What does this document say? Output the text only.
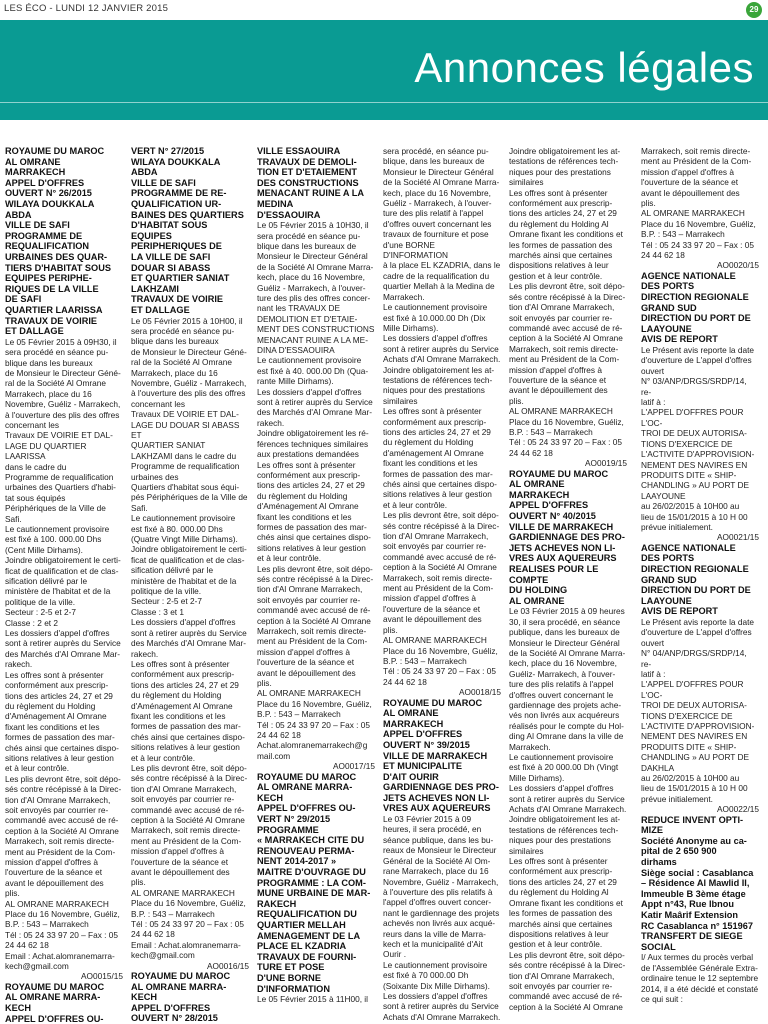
LES ÉCO - LUNDI 12 JANVIER 2015	29
Annonces légales

ROYAUME DU MAROC
AL OMRANE
MARRAKECH
APPEL D'OFFRES
OUVERT N° 26/2015
WILAYA DOUKKALA
ABDA
VILLE DE SAFI
PROGRAMME DE
REQUALIFICATION
URBAINES DES QUAR-
TIERS D'HABITAT SOUS
EQUIPES PERIPHE-
RIQUES DE LA VILLE
DE SAFI
QUARTIER LAARISSA
TRAVAUX DE VOIRIE
ET DALLAGE

Le 05 Février 2015 à 09H30, il
sera procédé en séance pu-
blique dans les bureaux
de Monsieur le Directeur Géné-
ral de la Société Al Omrane
Marrakech, place du 16
Novembre, Guéliz - Marrakech,
à l'ouverture des plis des offres
concernant les
Travaux DE VOIRIE ET DAL-
LAGE DU QUARTIER LAARISSA
dans le cadre du
Programme de requalification
urbaines des Quartiers d'habi-
tat sous équipés
Périphériques de la Ville de
Safi.
Le cautionnement provisoire
est fixé à 100. 000.00 Dhs
(Cent Mille Dirhams).
Joindre obligatoirement le certi-
ficat de qualification et de clas-
sification délivré par le
ministère de l'habitat et de la
politique de la ville.
Secteur : 2-5 et 2-7
Classe : 2 et 2
Les dossiers d'appel d'offres
sont à retirer auprès du Service
des Marchés d'Al Omrane Mar-
rakech.
Les offres sont à présenter
conformément aux prescrip-
tions des articles 24, 27 et 29
du règlement du Holding
d'Aménagement Al Omrane
fixant les conditions et les
formes de passation des mar-
chés ainsi que certaines dispo-
sitions relatives à leur gestion
et à leur contrôle.
Les plis devront être, soit dépo-
sés contre récépissé à la Direc-
tion d'Al Omrane Marrakech,
soit envoyés par courrier re-
commandé avec accusé de ré-
ception à la Société Al Omrane
Marrakech, soit remis directe-
ment au Président de la Com-
mission d'appel d'offres à
l'ouverture de la séance et
avant le dépouillement des
plis.
AL OMRANE MARRAKECH
Place du 16 Novembre, Guéliz,
B.P. : 543 – Marrakech
Tél : 05 24 33 97 20 – Fax : 05
24 44 62 18
Email : Achat.alomranemarra-
kech@gmail.com

AO0015/15

ROYAUME DU MAROC
AL OMRANE MARRA-
KECH
APPEL D'OFFRES OU-

VERT N° 27/2015
WILAYA DOUKKALA
ABDA
VILLE DE SAFI
PROGRAMME DE RE-
QUALIFICATION UR-
BAINES DES QUARTIERS
D'HABITAT SOUS
EQUIPES
PERIPHERIQUES DE
LA VILLE DE SAFI
DOUAR SI ABASS
ET QUARTIER SANIAT
LAKHZAMI
TRAVAUX DE VOIRIE
ET DALLAGE

Le 05 Février 2015 à 10H00, il
sera procédé en séance pu-
blique dans les bureaux
de Monsieur le Directeur Géné-
ral de la Société Al Omrane
Marrakech, place du 16
Novembre, Guéliz - Marrakech,
à l'ouverture des plis des offres
concernant les
Travaux DE VOIRIE ET DAL-
LAGE DU DOUAR SI ABASS ET
QUARTIER SANIAT
LAKHZAMI dans le cadre du
Programme de requalification
urbaines des
Quartiers d'habitat sous équi-
pés Périphériques de la Ville de
Safi.
Le cautionnement provisoire
est fixé à 80. 000.00 Dhs
(Quatre Vingt Mille Dirhams).
Joindre obligatoirement le certi-
ficat de qualification et de clas-
sification délivré par le
ministère de l'habitat et de la
politique de la ville.
Secteur : 2-5 et 2-7
Classe : 3 et 1
Les dossiers d'appel d'offres
sont à retirer auprès du Service
des Marchés d'Al Omrane Mar-
rakech.
Les offres sont à présenter
conformément aux prescrip-
tions des articles 24, 27 et 29
du règlement du Holding
d'Aménagement Al Omrane
fixant les conditions et les
formes de passation des mar-
chés ainsi que certaines dispo-
sitions relatives à leur gestion
et à leur contrôle.
Les plis devront être, soit dépo-
sés contre récépissé à la Direc-
tion d'Al Omrane Marrakech,
soit envoyés par courrier re-
commandé avec accusé de ré-
ception à la Société Al Omrane
Marrakech, soit remis directe-
ment au Président de la Com-
mission d'appel d'offres à
l'ouverture de la séance et
avant le dépouillement des
plis.
AL OMRANE MARRAKECH
Place du 16 Novembre, Guéliz,
B.P. : 543 – Marrakech
Tél : 05 24 33 97 20 – Fax : 05
24 44 62 18
Email : Achat.alomranemarra-
kech@gmail.com

AO0016/15

ROYAUME DU MAROC
AL OMRANE MARRA-
KECH
APPEL D'OFFRES
OUVERT N° 28/2015

VILLE ESSAOUIRA
TRAVAUX DE DEMOLI-
TION ET D'ETAIEMENT
DES CONSTRUCTIONS
MENACANT RUINE A LA
MEDINA
D'ESSAOUIRA

Le 05 Février 2015 à 10H30, il
sera procédé en séance pu-
blique dans les bureaux de
Monsieur le Directeur Général
de la Société Al Omrane Marra-
kech, place du 16 Novembre,
Guéliz - Marrakech, à l'ouver-
ture des plis des offres concer-
nant les TRAVAUX DE
DEMOLITION ET D'ETAIE-
MENT DES CONSTRUCTIONS
MENACANT RUINE A LA ME-
DINA D'ESSAOUIRA
Le cautionnement provisoire
est fixé à 40. 000.00 Dh (Qua-
rante Mille Dirhams).
Les dossiers d'appel d'offres
sont à retirer auprès du Service
des Marchés d'Al Omrane Mar-
rakech.
Joindre obligatoirement les ré-
férences techniques similaires
aux prestations demandées
Les offres sont à présenter
conformément aux prescrip-
tions des articles 24, 27 et 29
du règlement du Holding
d'Aménagement Al Omrane
fixant les conditions et les
formes de passation des mar-
chés ainsi que certaines dispo-
sitions relatives à leur gestion
et à leur contrôle.
Les plis devront être, soit dépo-
sés contre récépissé à la Direc-
tion d'Al Omrane Marrakech,
soit envoyés par courrier re-
commandé avec accusé de ré-
ception à la Société Al Omrane
Marrakech, soit remis directe-
ment au Président de la Com-
mission d'appel d'offres à
l'ouverture de la séance et
avant le dépouillement des
plis.
AL OMRANE MARRAKECH
Place du 16 Novembre, Guéliz,
B.P. : 543 – Marrakech
Tél : 05 24 33 97 20 – Fax : 05
24 44 62 18
Achat.alomranemarrakech@g
mail.com

AO0017/15

ROYAUME DU MAROC
AL OMRANE MARRA-
KECH
APPEL D'OFFRES OU-
VERT N° 29/2015
PROGRAMME
« MARRAKECH CITE DU
RENOUVEAU PERMA-
NENT 2014-2017 »
MAITRE D'OUVRAGE DU
PROGRAMME : LA COM-
MUNE URBAINE DE MAR-
RAKECH
REQUALIFICATION DU
QUARTIER MELLAH
AMENAGEMENT DE LA
PLACE EL KZADRIA
TRAVAUX DE FOURNI-
TURE ET POSE
D'UNE BORNE
D'INFORMATION

Le 05 Février 2015 à 11H00, il

sera procédé, en séance pu-
blique, dans les bureaux de
Monsieur le Directeur Général
de la Société Al Omrane Marra-
kech, place du 16 Novembre,
Guéliz - Marrakech, à l'ouver-
ture des plis relatif à l'appel
d'offres ouvert concernant les
travaux de fourniture et pose
d'une BORNE D'INFORMATION
à la place EL KZADRIA, dans le
cadre de la requalification du
quartier Mellah à la Medina de
Marrakech.
Le cautionnement provisoire
est fixé à 10.000.00 Dh (Dix
Mille Dirhams).
Les dossiers d'appel d'offres
sont à retirer auprès du Service
Achats d'Al Omrane Marrakech.
Joindre obligatoirement les at-
testations de références tech-
niques pour des prestations
similaires
Les offres sont à présenter
conformément aux prescrip-
tions des articles 24, 27 et 29
du règlement du Holding
d'aménagement Al Omrane
fixant les conditions et les
formes de passation des mar-
chés ainsi que certaines dispo-
sitions relatives à leur gestion
et à leur contrôle.
Les plis devront être, soit dépo-
sés contre récépissé à la Direc-
tion d'Al Omrane Marrakech,
soit envoyés par courrier re-
commandé avec accusé de ré-
ception à la Société Al Omrane
Marrakech, soit remis directe-
ment au Président de la Com-
mission d'appel d'offres à
l'ouverture de la séance et
avant le dépouillement des
plis.
AL OMRANE MARRAKECH
Place du 16 Novembre, Guéliz,
B.P. : 543 – Marrakech
Tél : 05 24 33 97 20 – Fax : 05
24 44 62 18

AO0018/15

ROYAUME DU MAROC
AL OMRANE
MARRAKECH
APPEL D'OFFRES
OUVERT N° 39/2015
VILLE DE MARRAKECH
ET MUNICIPALITE
D'AIT OURIR
GARDIENNAGE DES PRO-
JETS ACHEVES NON LI-
VRES AUX AQUEREURS

Le 03 Février 2015 à 09
heures, il sera procédé, en
séance publique, dans les bu-
reaux de Monsieur le Directeur
Général de la Société Al Om-
rane Marrakech, place du 16
Novembre, Guéliz - Marrakech,
à l'ouverture des plis relatifs à
l'appel d'offres ouvert concer-
nant le gardiennage des projets
achevés non livrés aux acqué-
reurs dans la ville de Marra-
kech et la municipalité d'Ait
Ourir .
Le cautionnement provisoire
est fixé à 70 000.00 Dh
(Soixante Dix Mille Dirhams).
Les dossiers d'appel d'offres
sont à retirer auprès du Service
Achats d'Al Omrane Marrakech.

Joindre obligatoirement les at-
testations de références tech-
niques pour des prestations
similaires
Les offres sont à présenter
conformément aux prescrip-
tions des articles 24, 27 et 29
du règlement du Holding Al
Omrane fixant les conditions et
les formes de passation des
marchés ainsi que certaines
dispositions relatives à leur
gestion et à leur contrôle.
Les plis devront être, soit dépo-
sés contre récépissé à la Direc-
tion d'Al Omrane Marrakech,
soit envoyés par courrier re-
commandé avec accusé de ré-
ception à la Société Al Omrane
Marrakech, soit remis directe-
ment au Président de la Com-
mission d'appel d'offres à
l'ouverture de la séance et
avant le dépouillement des
plis.
AL OMRANE MARRAKECH
Place du 16 Novembre, Guéliz,
B.P. : 543 – Marrakech
Tél : 05 24 33 97 20 – Fax : 05
24 44 62 18

AO0019/15

ROYAUME DU MAROC
AL OMRANE
MARRAKECH
APPEL D'OFFRES
OUVERT N° 40/2015
VILLE DE MARRAKECH
GARDIENNAGE DES PRO-
JETS ACHEVES NON LI-
VRES AUX AQUEREURS
REALISES POUR LE
COMPTE
DU HOLDING
AL OMRANE

Le 03 Février 2015 à 09 heures
30, il sera procédé, en séance
publique, dans les bureaux de
Monsieur le Directeur Général
de la Société Al Omrane Marra-
kech, place du 16 Novembre,
Guéliz- Marrakech, à l'ouver-
ture des plis relatifs à l'appel
d'offres ouvert concernant le
gardiennage des projets ache-
vés non livrés aux acquéreurs
réalisés pour le compte du Hol-
ding Al Omrane dans la ville de
Marrakech.
Le cautionnement provisoire
est fixé à 20 000.00 Dh (Vingt
Mille Dirhams).
Les dossiers d'appel d'offres
sont à retirer auprès du Service
Achats d'Al Omrane Marrakech.
Joindre obligatoirement les at-
testations de références tech-
niques pour des prestations
similaires
Les offres sont à présenter
conformément aux prescrip-
tions des articles 24, 27 et 29
du règlement du Holding Al
Omrane fixant les conditions et
les formes de passation des
marchés ainsi que certaines
dispositions relatives à leur
gestion et à leur contrôle.
Les plis devront être, soit dépo-
sés contre récépissé à la Direc-
tion d'Al Omrane Marrakech,
soit envoyés par courrier re-
commandé avec accusé de ré-
ception à la Société Al Omrane

Marrakech, soit remis directe-
ment au Président de la Com-
mission d'appel d'offres à
l'ouverture de la séance et
avant le dépouillement des
plis.
AL OMRANE MARRAKECH
Place du 16 Novembre, Guéliz,
B.P. : 543 – Marrakech
Tél : 05 24 33 97 20 – Fax : 05
24 44 62 18

AO0020/15

AGENCE NATIONALE
DES PORTS
DIRECTION REGIONALE
GRAND SUD
DIRECTION DU PORT DE
LAAYOUNE
AVIS DE REPORT

Le Présent avis reporte la date
d'ouverture de L'appel d'offres
ouvert
N° 03/ANP/DRGS/SRDP/14, re-
latif à :
L'APPEL D'OFFRES POUR L'OC-
TROI DE DEUX AUTORISA-
TIONS D'EXERCICE DE
L'ACTIVITE D'APPROVISION-
NEMENT DES NAVIRES EN
PRODUITS DITE « SHIP-
CHANDLING » AU PORT DE
LAAYOUNE
au 26/02/2015 à 10H00 au
lieu de 15/01/2015 à 10 H 00
prévue initialement.

AO0021/15

AGENCE NATIONALE
DES PORTS
DIRECTION REGIONALE
GRAND SUD
DIRECTION DU PORT DE
LAAYOUNE
AVIS DE REPORT

Le Présent avis reporte la date
d'ouverture de L'appel d'offres
ouvert
N° 04/ANP/DRGS/SRDP/14, re-
latif à :
L'APPEL D'OFFRES POUR L'OC-
TROI DE DEUX AUTORISA-
TIONS D'EXERCICE DE
L'ACTIVITE D'APPROVISION-
NEMENT DES NAVIRES EN
PRODUITS DITE « SHIP-
CHANDLING » AU PORT DE
DAKHLA
au 26/02/2015 à 10H00 au
lieu de 15/01/2015 à 10 H 00
prévue initialement.

AO0022/15

REDUCE INVENT OPTI-
MIZE
Société Anonyme au ca-
pital de 2 650 900
dirhams
Siège social : Casablanca
– Résidence Al Mawlid II,
Immeuble B 3ème étage
Appt n°43, Rue Ibnou
Katir Maârif Extension
RC Casablanca n° 151967
TRANSFERT DE SIEGE
SOCIAL

I/ Aux termes du procès verbal
de l'Assemblée Générale Extra-
ordinaire tenue le 12 septembre
2014, il a été décidé et constaté
ce qui suit :
